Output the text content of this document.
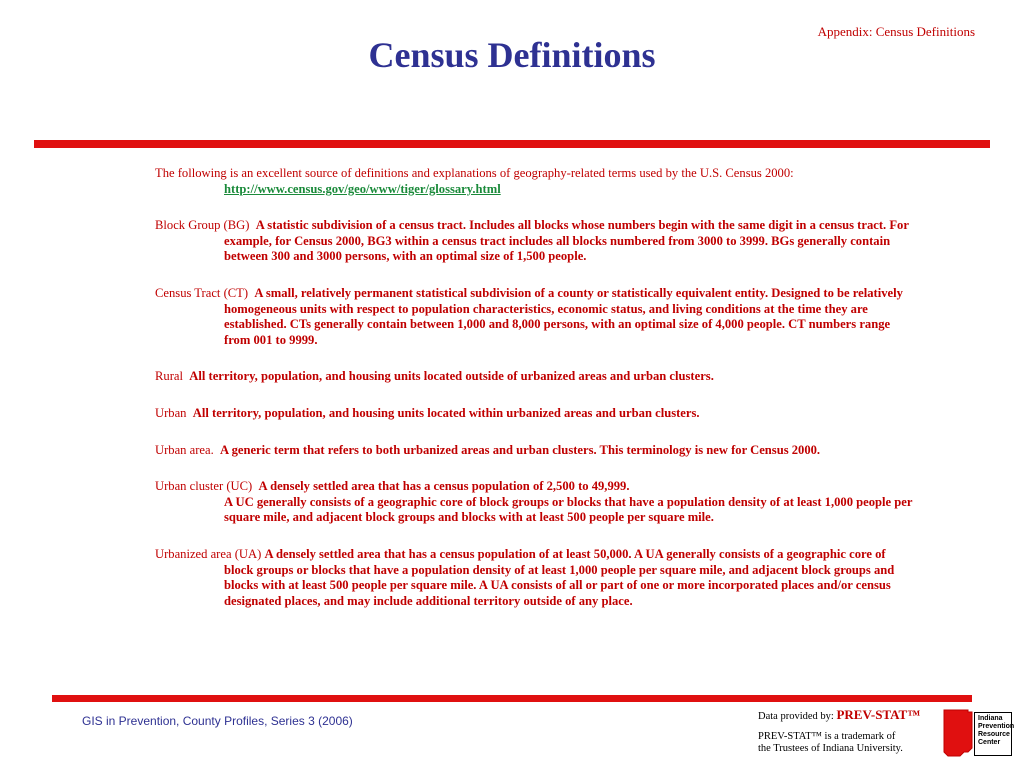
Appendix: Census Definitions
Census Definitions

The following is an excellent source of definitions and explanations of geography-related terms used by the U.S. Census 2000:  http://www.census.gov/geo/www/tiger/glossary.html

Block Group (BG) A statistic subdivision of a census tract. Includes all blocks whose numbers begin with the same digit in a census tract. For example, for Census 2000, BG3 within a census tract includes all blocks numbered from 3000 to 3999. BGs generally contain between 300 and 3000 persons, with an optimal size of 1,500 people.

Census Tract (CT) A small, relatively permanent statistical subdivision of a county or statistically equivalent entity. Designed to be relatively homogeneous units with respect to population characteristics, economic status, and living conditions at the time they are established. CTs generally contain between 1,000 and 8,000 persons, with an optimal size of 4,000 people. CT numbers range from 001 to 9999.

Rural All territory, population, and housing units located outside of urbanized areas and urban clusters.

Urban All territory, population, and housing units located within urbanized areas and urban clusters.

Urban area. A generic term that refers to both urbanized areas and urban clusters. This terminology is new for Census 2000.

Urban cluster (UC) A densely settled area that has a census population of 2,500 to 49,999.
A UC generally consists of a geographic core of block groups or blocks that have a population density of at least 1,000 people per square mile, and adjacent block groups and blocks with at least 500 people per square mile.

Urbanized area (UA) A densely settled area that has a census population of at least 50,000. A UA generally consists of a geographic core of block groups or blocks that have a population density of at least 1,000 people per square mile, and adjacent block groups and blocks with at least 500 people per square mile. A UA consists of all or part of one or more incorporated places and/or census designated places, and may include additional territory outside of any place.

GIS in Prevention, County Profiles, Series 3 (2006)	Data provided by: PREV-STAT™
PREV-STAT™ is a trademark of
the Trustees of Indiana University.
Indiana
Prevention
Resource
Center
